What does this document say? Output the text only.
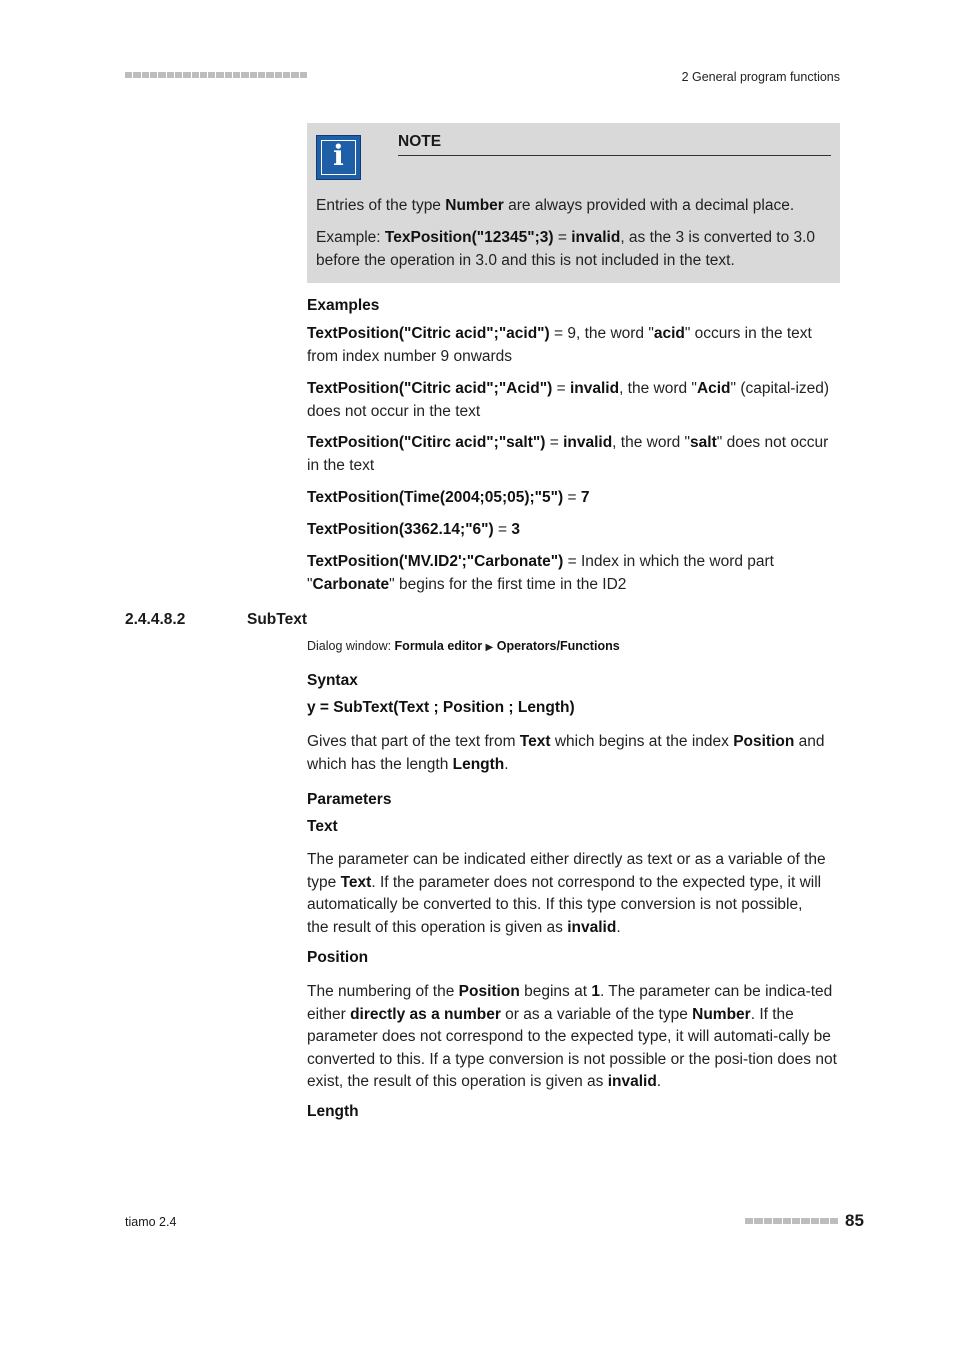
2 General program functions
i	NOTE
Entries of the type Number are always provided with a decimal place.
Example: TexPosition("12345";3) = invalid, as the 3 is converted to 3.0 before the operation in 3.0 and this is not included in the text.
Examples
TextPosition("Citric acid";"acid") = 9, the word "acid" occurs in the text from index number 9 onwards
TextPosition("Citric acid";"Acid") = invalid, the word "Acid" (capital-ized) does not occur in the text
TextPosition("Citirc acid";"salt") = invalid, the word "salt" does not occur in the text
TextPosition(Time(2004;05;05);"5") = 7
TextPosition(3362.14;"6") = 3
TextPosition('MV.ID2';"Carbonate") = Index in which the word part "Carbonate" begins for the first time in the ID2
2.4.4.8.2	SubText
Dialog window: Formula editor ▶ Operators/Functions
Syntax
y = SubText(Text ; Position ; Length)
Gives that part of the text from Text which begins at the index Position and which has the length Length.
Parameters
Text
The parameter can be indicated either directly as text or as a variable of the type Text. If the parameter does not correspond to the expected type, it will automatically be converted to this. If this type conversion is not possible, the result of this operation is given as invalid.
Position
The numbering of the Position begins at 1. The parameter can be indica-ted either directly as a number or as a variable of the type Number. If the parameter does not correspond to the expected type, it will automati-cally be converted to this. If a type conversion is not possible or the posi-tion does not exist, the result of this operation is given as invalid.
Length
tiamo 2.4	85
